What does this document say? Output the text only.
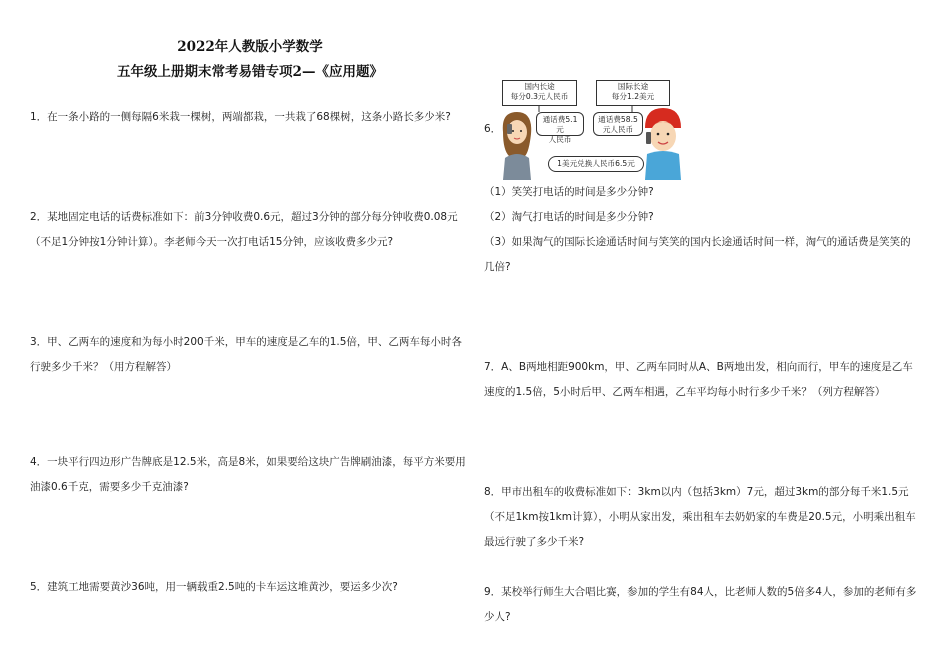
2022年人教版小学数学
五年级上册期末常考易错专项2—《应用题》

1．在一条小路的一侧每隔6米栽一棵树，两端都栽，一共栽了68棵树，这条小路长多少米?

2．某地固定电话的话费标准如下：前3分钟收费0.6元，超过3分钟的部分每分钟收费0.08元（不足1分钟按1分钟计算）。李老师今天一次打电话15分钟，应该收费多少元?

3．甲、乙两车的速度和为每小时200千米，甲车的速度是乙车的1.5倍，甲、乙两车每小时各行驶多少千米？（用方程解答）

4．一块平行四边形广告牌底是12.5米，高是8米，如果要给这块广告牌刷油漆，每平方米要用油漆0.6千克，需要多少千克油漆?

5．建筑工地需要黄沙36吨，用一辆载重2.5吨的卡车运这堆黄沙，要运多少次?

6．
国内长途
每分0.3元人民币
国际长途
每分1.2美元
通话费5.1元
人民币
通话费58.5
元人民币
1美元兑换人民币6.5元

（1）笑笑打电话的时间是多少分钟?

（2）淘气打电话的时间是多少分钟?

（3）如果淘气的国际长途通话时间与笑笑的国内长途通话时间一样，淘气的通话费是笑笑的几倍?

7．A、B两地相距900km，甲、乙两车同时从A、B两地出发，相向而行，甲车的速度是乙车速度的1.5倍，5小时后甲、乙两车相遇，乙车平均每小时行多少千米？（列方程解答）

8．甲市出租车的收费标准如下：3km以内（包括3km）7元，超过3km的部分每千米1.5元（不足1km按1km计算），小明从家出发，乘出租车去奶奶家的车费是20.5元，小明乘出租车最远行驶了多少千米?

9．某校举行师生大合唱比赛，参加的学生有84人，比老师人数的5倍多4人，参加的老师有多少人?
